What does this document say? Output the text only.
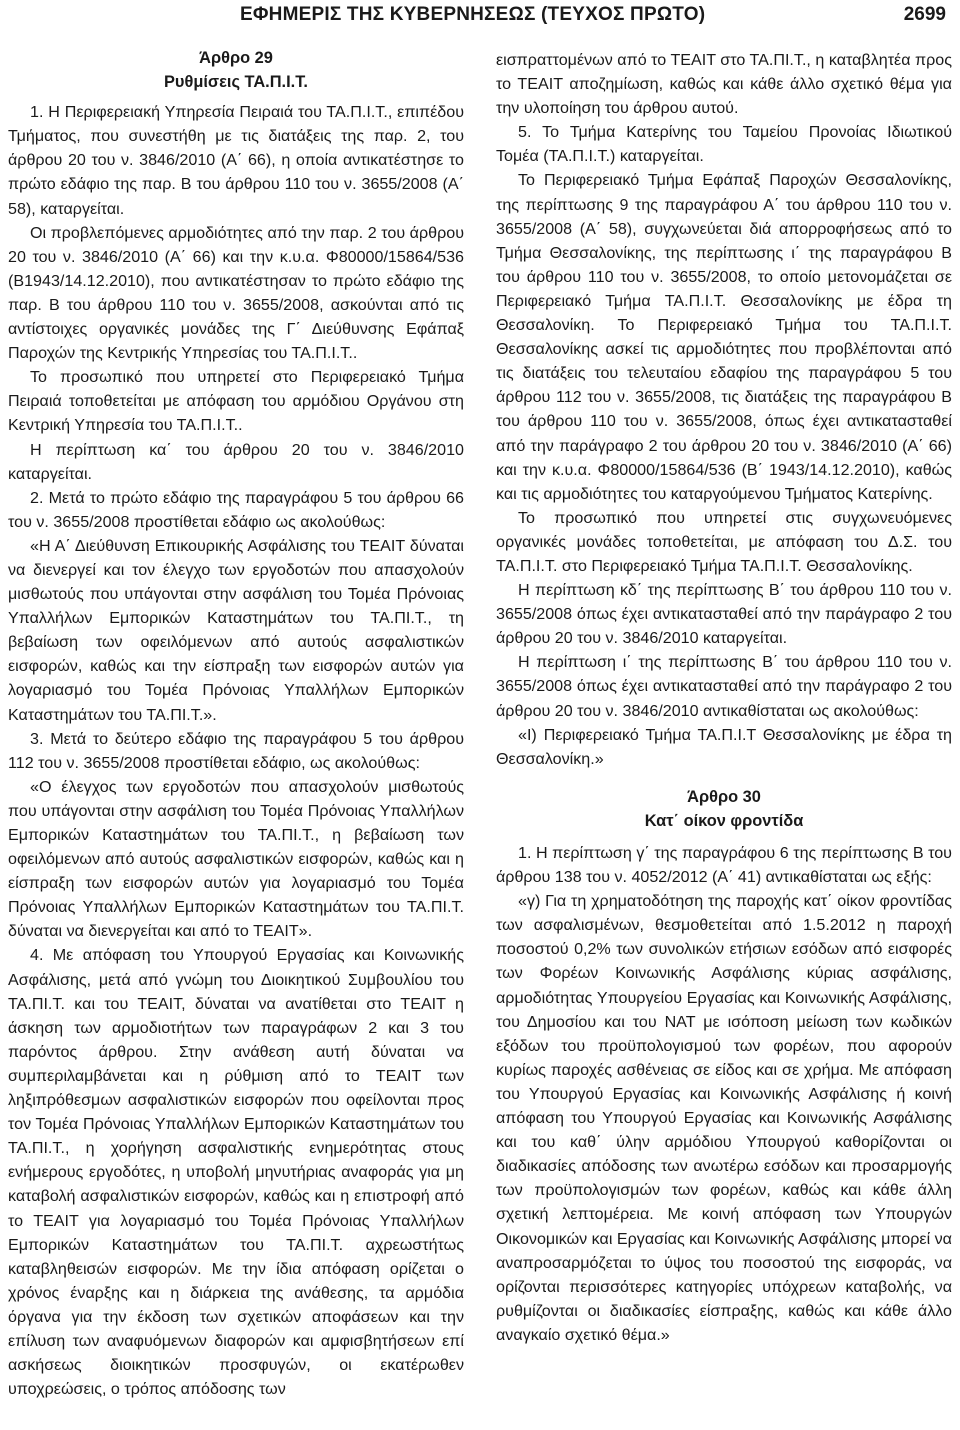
ΕΦΗΜΕΡΙΣ ΤΗΣ ΚΥΒΕΡΝΗΣΕΩΣ (ΤΕΥΧΟΣ ΠΡΩΤΟ)	2699

Άρθρο 29

Ρυθμίσεις ΤΑ.Π.Ι.Τ.

1. Η Περιφερειακή Υπηρεσία Πειραιά του ΤΑ.Π.Ι.Τ., επιπέδου Τμήματος, που συνεστήθη με τις διατάξεις της παρ. 2, του άρθρου 20 του ν. 3846/2010 (Α΄ 66), η οποία αντικατέστησε το πρώτο εδάφιο της παρ. Β του άρθρου 110 του ν. 3655/2008 (Α΄ 58), καταργείται.

Οι προβλεπόμενες αρμοδιότητες από την παρ. 2 του άρθρου 20 του ν. 3846/2010 (Α΄ 66) και την κ.υ.α. Φ80000/15864/536 (Β1943/14.12.2010), που αντικατέστησαν το πρώτο εδάφιο της παρ. Β του άρθρου 110 του ν. 3655/2008, ασκούνται από τις αντίστοιχες οργανικές μονάδες της Γ΄ Διεύθυνσης Εφάπαξ Παροχών της Κεντρικής Υπηρεσίας του ΤΑ.Π.Ι.Τ..

Το προσωπικό που υπηρετεί στο Περιφερειακό Τμήμα Πειραιά τοποθετείται με απόφαση του αρμόδιου Οργάνου στη Κεντρική Υπηρεσία του ΤΑ.Π.Ι.Τ..

Η περίπτωση κα΄ του άρθρου 20 του ν. 3846/2010 καταργείται.

2. Μετά το πρώτο εδάφιο της παραγράφου 5 του άρθρου 66 του ν. 3655/2008 προστίθεται εδάφιο ως ακολούθως:

«Η Α΄ Διεύθυνση Επικουρικής Ασφάλισης του ΤΕΑΙΤ δύναται να διενεργεί και τον έλεγχο των εργοδοτών που απασχολούν μισθωτούς που υπάγονται στην ασφάλιση του Τομέα Πρόνοιας Υπαλλήλων Εμπορικών Καταστημάτων του ΤΑ.ΠΙ.Τ., τη βεβαίωση των οφειλόμενων από αυτούς ασφαλιστικών εισφορών, καθώς και την είσπραξη των εισφορών αυτών για λογαριασμό του Τομέα Πρόνοιας Υπαλλήλων Εμπορικών Καταστημάτων του ΤΑ.ΠΙ.Τ.».

3. Μετά το δεύτερο εδάφιο της παραγράφου 5 του άρθρου 112 του ν. 3655/2008 προστίθεται εδάφιο, ως ακολούθως:

«Ο έλεγχος των εργοδοτών που απασχολούν μισθωτούς που υπάγονται στην ασφάλιση του Τομέα Πρόνοιας Υπαλλήλων Εμπορικών Καταστημάτων του ΤΑ.ΠΙ.Τ., η βεβαίωση των οφειλόμενων από αυτούς ασφαλιστικών εισφορών, καθώς και η είσπραξη των εισφορών αυτών για λογαριασμό του Τομέα Πρόνοιας Υπαλλήλων Εμπορικών Καταστημάτων του ΤΑ.ΠΙ.Τ. δύναται να διενεργείται και από το ΤΕΑΙΤ».

4. Με απόφαση του Υπουργού Εργασίας και Κοινωνικής Ασφάλισης, μετά από γνώμη του Διοικητικού Συμβουλίου του ΤΑ.ΠΙ.Τ. και του ΤΕΑΙΤ, δύναται να ανατίθεται στο ΤΕΑΙΤ η άσκηση των αρμοδιοτήτων των παραγράφων 2 και 3 του παρόντος άρθρου. Στην ανάθεση αυτή δύναται να συμπεριλαμβάνεται και η ρύθμιση από το ΤΕΑΙΤ των ληξιπρόθεσμων ασφαλιστικών εισφορών που οφείλονται προς τον Τομέα Πρόνοιας Υπαλλήλων Εμπορικών Καταστημάτων του ΤΑ.ΠΙ.Τ., η χορήγηση ασφαλιστικής ενημερότητας στους ενήμερους εργοδότες, η υποβολή μηνυτήριας αναφοράς για μη καταβολή ασφαλιστικών εισφορών, καθώς και η επιστροφή από το ΤΕΑΙΤ για λογαριασμό του Τομέα Πρόνοιας Υπαλλήλων Εμπορικών Καταστημάτων του ΤΑ.ΠΙ.Τ. αχρεωστήτως καταβληθεισών εισφορών. Με την ίδια απόφαση ορίζεται ο χρόνος έναρξης και η διάρκεια της ανάθεσης, τα αρμόδια όργανα για την έκδοση των σχετικών αποφάσεων και την επίλυση των αναφυόμενων διαφορών και αμφισβητήσεων επί ασκήσεως διοικητικών προσφυγών, οι εκατέρωθεν υποχρεώσεις, ο τρόπος απόδοσης των

εισπραττομένων από το ΤΕΑΙΤ στο ΤΑ.ΠΙ.Τ., η καταβλητέα προς το ΤΕΑΙΤ αποζημίωση, καθώς και κάθε άλλο σχετικό θέμα για την υλοποίηση του άρθρου αυτού.

5. Το Τμήμα Κατερίνης του Ταμείου Προνοίας Ιδιωτικού Τομέα (ΤΑ.Π.Ι.Τ.) καταργείται.

Το Περιφερειακό Τμήμα Εφάπαξ Παροχών Θεσσαλονίκης, της περίπτωσης 9 της παραγράφου Α΄ του άρθρου 110 του ν. 3655/2008 (Α΄ 58), συγχωνεύεται διά απορροφήσεως από το Τμήμα Θεσσαλονίκης, της περίπτωσης ι΄ της παραγράφου Β του άρθρου 110 του ν. 3655/2008, το οποίο μετονομάζεται σε Περιφερειακό Τμήμα ΤΑ.Π.Ι.Τ. Θεσσαλονίκης με έδρα τη Θεσσαλονίκη. Το Περιφερειακό Τμήμα του ΤΑ.Π.Ι.Τ. Θεσσαλονίκης ασκεί τις αρμοδιότητες που προβλέπονται από τις διατάξεις του τελευταίου εδαφίου της παραγράφου 5 του άρθρου 112 του ν. 3655/2008, τις διατάξεις της παραγράφου Β του άρθρου 110 του ν. 3655/2008, όπως έχει αντικατασταθεί από την παράγραφο 2 του άρθρου 20 του ν. 3846/2010 (Α΄ 66) και την κ.υ.α. Φ80000/15864/536 (Β΄ 1943/14.12.2010), καθώς και τις αρμοδιότητες του καταργούμενου Τμήματος Κατερίνης.

Το προσωπικό που υπηρετεί στις συγχωνευόμενες οργανικές μονάδες τοποθετείται, με απόφαση του Δ.Σ. του ΤΑ.Π.Ι.Τ. στο Περιφερειακό Τμήμα ΤΑ.Π.Ι.Τ. Θεσσαλονίκης.

Η περίπτωση κδ΄ της περίπτωσης Β΄ του άρθρου 110 του ν. 3655/2008 όπως έχει αντικατασταθεί από την παράγραφο 2 του άρθρου 20 του ν. 3846/2010 καταργείται.

Η περίπτωση ι΄ της περίπτωσης Β΄ του άρθρου 110 του ν. 3655/2008 όπως έχει αντικατασταθεί από την παράγραφο 2 του άρθρου 20 του ν. 3846/2010 αντικαθίσταται ως ακολούθως:

«Ι) Περιφερειακό Τμήμα ΤΑ.Π.Ι.Τ Θεσσαλονίκης με έδρα τη Θεσσαλονίκη.»

Άρθρο 30

Κατ΄ οίκον φροντίδα

1. Η περίπτωση γ΄ της παραγράφου 6 της περίπτωσης Β του άρθρου 138 του ν. 4052/2012 (Α΄ 41) αντικαθίσταται ως εξής:

«γ) Για τη χρηματοδότηση της παροχής κατ΄ οίκον φροντίδας των ασφαλισμένων, θεσμοθετείται από 1.5.2012 η παροχή ποσοστού 0,2% των συνολικών ετήσιων εσόδων από εισφορές των Φορέων Κοινωνικής Ασφάλισης κύριας ασφάλισης, αρμοδιότητας Υπουργείου Εργασίας και Κοινωνικής Ασφάλισης, του Δημοσίου και του ΝΑΤ με ισόποση μείωση των κωδικών εξόδων του προϋπολογισμού των φορέων, που αφορούν κυρίως παροχές ασθένειας σε είδος και σε χρήμα. Με απόφαση του Υπουργού Εργασίας και Κοινωνικής Ασφάλισης ή κοινή απόφαση του Υπουργού Εργασίας και Κοινωνικής Ασφάλισης και του καθ΄ ύλην αρμόδιου Υπουργού καθορίζονται οι διαδικασίες απόδοσης των ανωτέρω εσόδων και προσαρμογής των προϋπολογισμών των φορέων, καθώς και κάθε άλλη σχετική λεπτομέρεια. Με κοινή απόφαση των Υπουργών Οικονομικών και Εργασίας και Κοινωνικής Ασφάλισης μπορεί να αναπροσαρμόζεται το ύψος του ποσοστού της εισφοράς, να ορίζονται περισσότερες κατηγορίες υπόχρεων καταβολής, να ρυθμίζονται οι διαδικασίες είσπραξης, καθώς και κάθε άλλο αναγκαίο σχετικό θέμα.»
